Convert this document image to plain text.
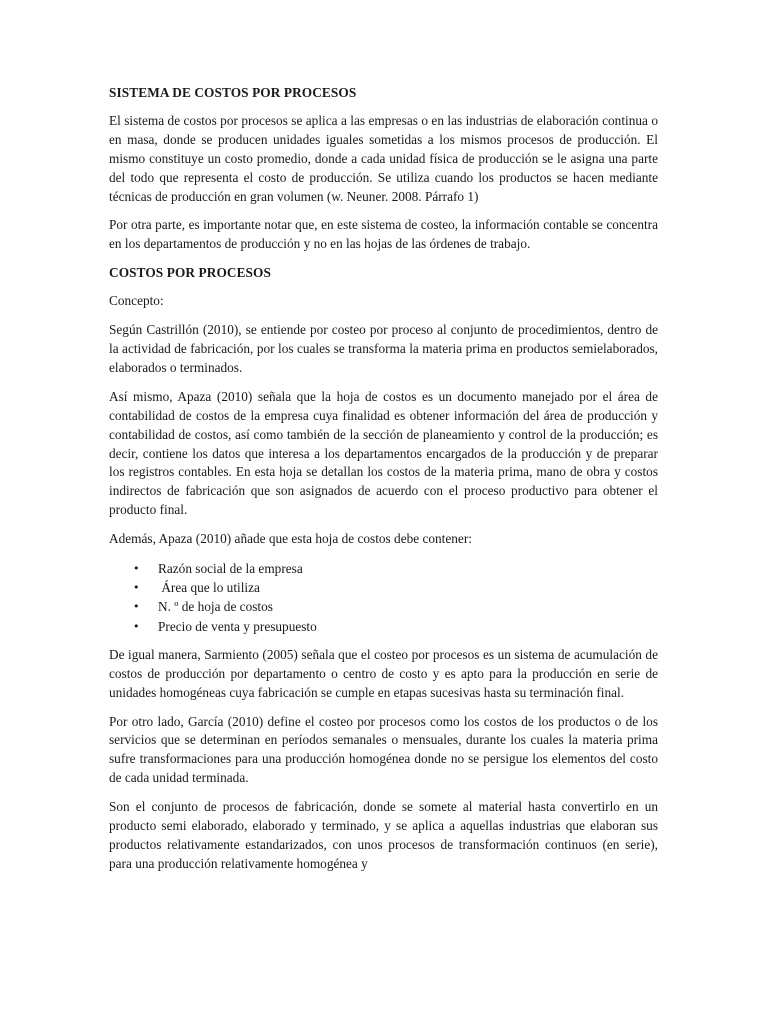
SISTEMA DE COSTOS POR PROCESOS

El sistema de costos por procesos se aplica a las empresas o en las industrias de elaboración continua o en masa, donde se producen unidades iguales sometidas a los mismos procesos de producción. El mismo constituye un costo promedio, donde a cada unidad física de producción se le asigna una parte del todo que representa el costo de producción. Se utiliza cuando los productos se hacen mediante técnicas de producción en gran volumen (w. Neuner. 2008. Párrafo 1)

Por otra parte, es importante notar que, en este sistema de costeo, la información contable se concentra en los departamentos de producción y no en las hojas de las órdenes de trabajo.

COSTOS POR PROCESOS

Concepto:

Según Castrillón (2010), se entiende por costeo por proceso al conjunto de procedimientos, dentro de la actividad de fabricación, por los cuales se transforma la materia prima en productos semielaborados, elaborados o terminados.

Así mismo, Apaza (2010) señala que la hoja de costos es un documento manejado por el área de contabilidad de costos de la empresa cuya finalidad es obtener información del área de producción y contabilidad de costos, así como también de la sección de planeamiento y control de la producción; es decir, contiene los datos que interesa a los departamentos encargados de la producción y de preparar los registros contables. En esta hoja se detallan los costos de la materia prima, mano de obra y costos indirectos de fabricación que son asignados de acuerdo con el proceso productivo para obtener el producto final.

Además, Apaza (2010) añade que esta hoja de costos debe contener:

• Razón social de la empresa
• Área que lo utiliza
• N. º de hoja de costos
• Precio de venta y presupuesto

De igual manera, Sarmiento (2005) señala que el costeo por procesos es un sistema de acumulación de costos de producción por departamento o centro de costo y es apto para la producción en serie de unidades homogéneas cuya fabricación se cumple en etapas sucesivas hasta su terminación final.

Por otro lado, García (2010) define el costeo por procesos como los costos de los productos o de los servicios que se determinan en períodos semanales o mensuales, durante los cuales la materia prima sufre transformaciones para una producción homogénea donde no se persigue los elementos del costo de cada unidad terminada.

Son el conjunto de procesos de fabricación, donde se somete al material hasta convertirlo en un producto semi elaborado, elaborado y terminado, y se aplica a aquellas industrias que elaboran sus productos relativamente estandarizados, con unos procesos de transformación continuos (en serie), para una producción relativamente homogénea y
